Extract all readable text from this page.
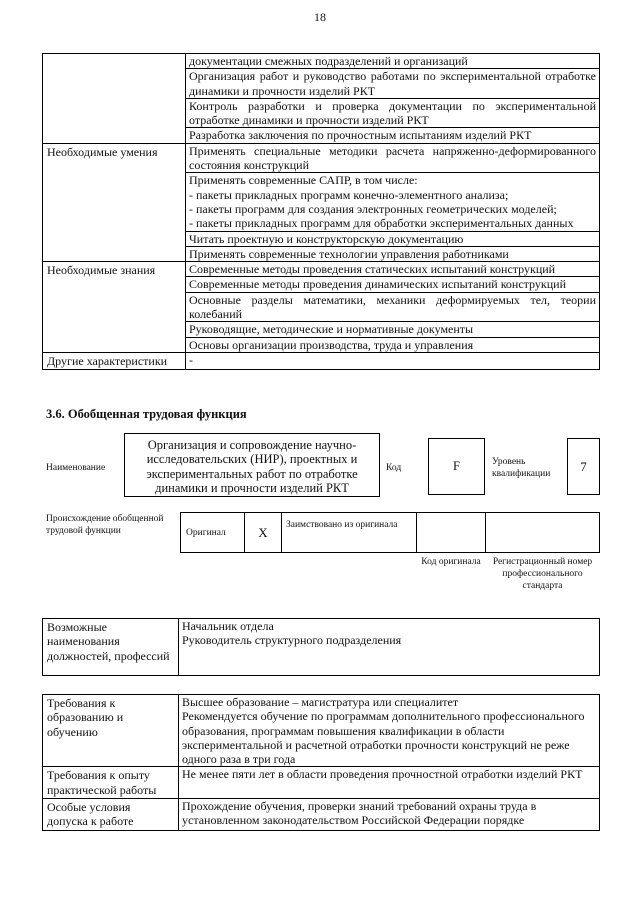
18
	документации смежных подразделений и организаций
	Организация работ и руководство работами по экспериментальной отработке динамики и прочности изделий РКТ
	Контроль разработки и проверка документации по экспериментальной отработке динамики и прочности изделий РКТ
	Разработка заключения по прочностным испытаниям изделий РКТ
Необходимые умения	Применять специальные методики расчета напряженно-деформированного состояния конструкций
	Применять современные САПР, в том числе:
- пакеты прикладных программ конечно-элементного анализа;
- пакеты программ для создания электронных геометрических моделей;
- пакеты прикладных программ для обработки экспериментальных данных
	Читать проектную и конструкторскую документацию
	Применять современные технологии управления работниками
Необходимые знания	Современные методы проведения статических испытаний конструкций
	Современные методы проведения динамических испытаний конструкций
	Основные разделы математики, механики деформируемых тел, теории колебаний
	Руководящие, методические и нормативные документы
	Основы организации производства, труда и управления
Другие характеристики	-
3.6. Обобщенная трудовая функция
Наименование
Организация и сопровождение научно-исследовательских (НИР), проектных и экспериментальных работ по отработке динамики и прочности изделий РКТ
Код	F	Уровень квалификации
7
Происхождение обобщенной трудовой функции	Оригинал	X	Заимствовано из оригинала
Код оригинала	Регистрационный номер профессионального стандарта
Возможные наименования должностей, профессий	
Начальник отдела
Руководитель структурного подразделения
Требования к образованию и обучению	Высшее образование – магистратура или специалитет
Рекомендуется обучение по программам дополнительного профессионального образования, программам повышения квалификации в области экспериментальной и расчетной отработки прочности конструкций не реже одного раза в три года
Требования к опыту практической работы	Не менее пяти лет в области проведения прочностной отработки изделий РКТ
Особые условия допуска к работе	Прохождение обучения, проверки знаний требований охраны труда в установленном законодательством Российской Федерации порядке
